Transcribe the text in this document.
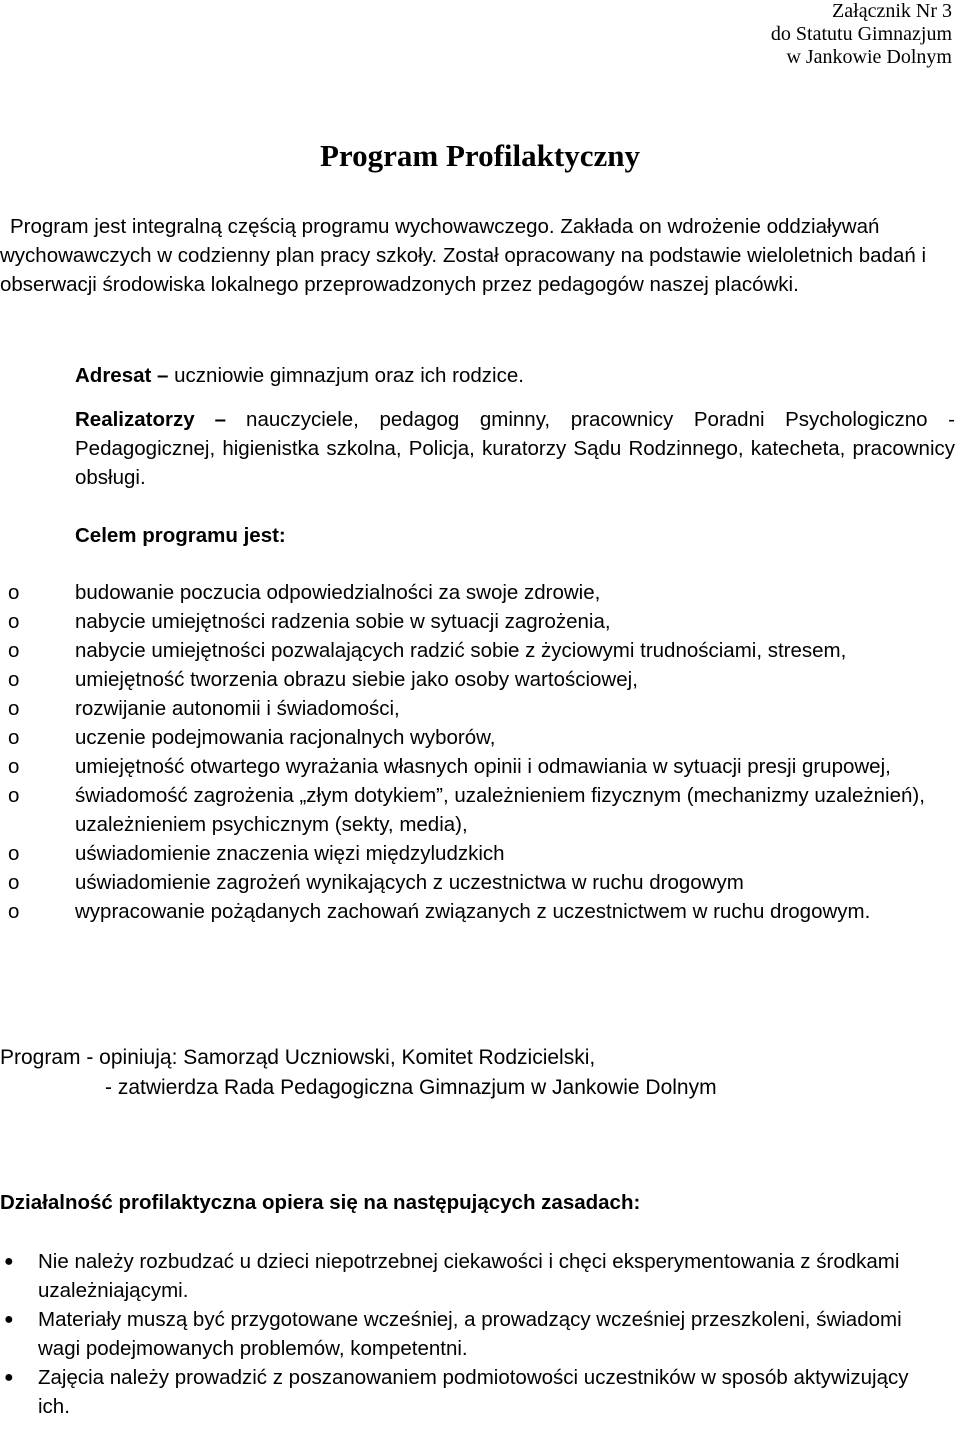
Załącznik Nr 3
do Statutu Gimnazjum
w Jankowie Dolnym
Program Profilaktyczny

Program jest integralną częścią programu wychowawczego. Zakłada on wdrożenie oddziaływań wychowawczych w codzienny plan pracy szkoły. Został opracowany na podstawie wieloletnich badań i obserwacji środowiska lokalnego przeprowadzonych przez pedagogów naszej placówki.

Adresat – uczniowie gimnazjum oraz ich rodzice.

Realizatorzy – nauczyciele, pedagog gminny, pracownicy Poradni Psychologiczno - Pedagogicznej, higienistka szkolna, Policja, kuratorzy Sądu Rodzinnego, katecheta, pracownicy obsługi.

Celem programu jest:

o	budowanie poczucia odpowiedzialności za swoje zdrowie,
o	nabycie umiejętności radzenia sobie w sytuacji zagrożenia,
o	nabycie umiejętności pozwalających radzić sobie z życiowymi trudnościami, stresem,
o	umiejętność tworzenia obrazu siebie jako osoby wartościowej,
o	rozwijanie autonomii i świadomości,
o	uczenie podejmowania racjonalnych wyborów,
o	umiejętność otwartego wyrażania własnych opinii i odmawiania w sytuacji presji grupowej,
o	świadomość zagrożenia „złym dotykiem”, uzależnieniem fizycznym (mechanizmy uzależnień), uzależnieniem psychicznym (sekty, media),
o	uświadomienie znaczenia więzi międzyludzkich
o	uświadomienie zagrożeń wynikających z uczestnictwa w ruchu drogowym
o	wypracowanie pożądanych zachowań związanych z uczestnictwem w ruchu drogowym.
Program - opiniują: Samorząd Uczniowski, Komitet Rodzicielski,
- zatwierdza Rada Pedagogiczna Gimnazjum w Jankowie Dolnym

Działalność profilaktyczna opiera się na następujących zasadach:

● Nie należy rozbudzać u dzieci niepotrzebnej ciekawości i chęci eksperymentowania z środkami uzależniającymi.
● Materiały muszą być przygotowane wcześniej, a prowadzący wcześniej przeszkoleni, świadomi wagi podejmowanych problemów, kompetentni.
● Zajęcia należy prowadzić z poszanowaniem podmiotowości uczestników w sposób aktywizujący ich.
